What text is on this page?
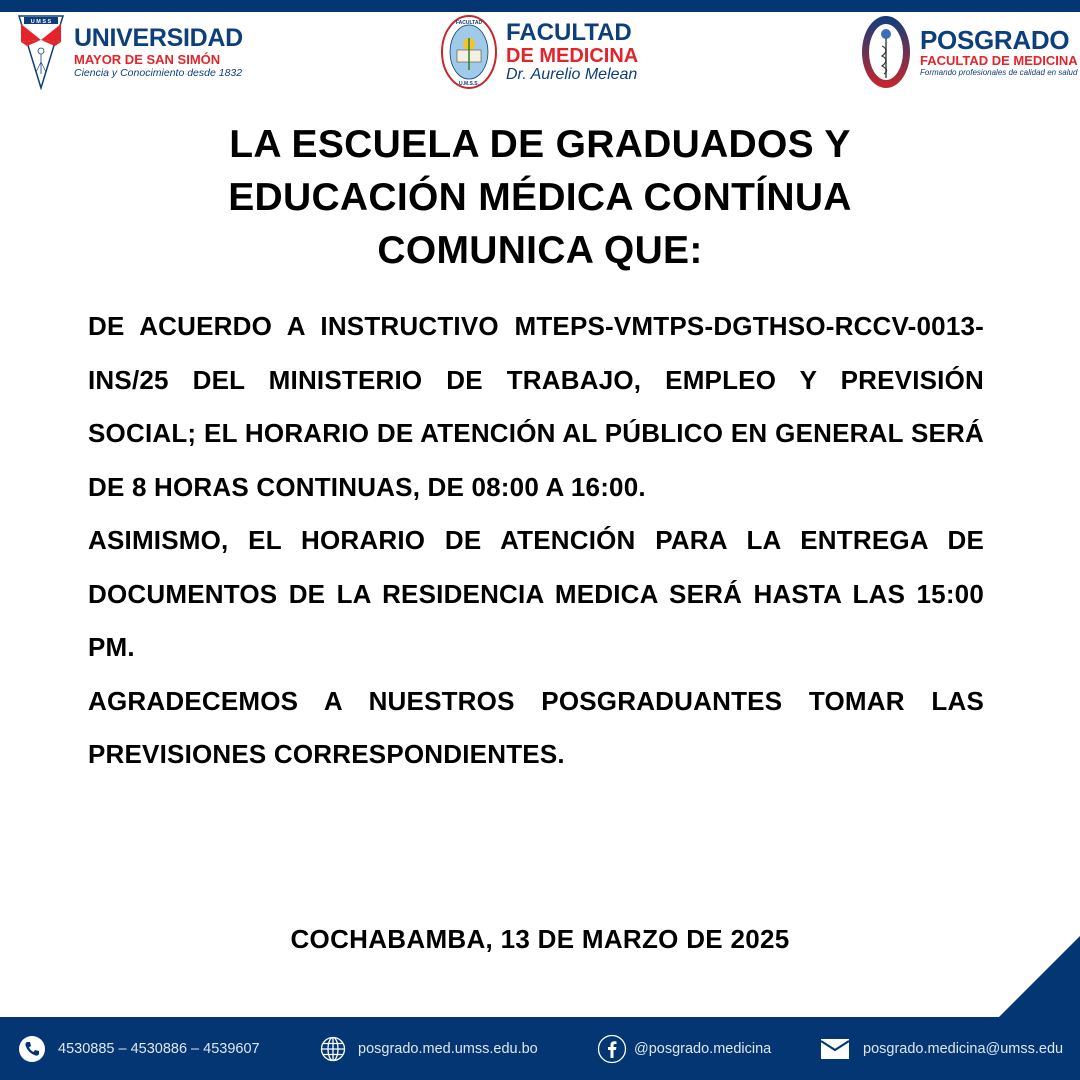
U M S S
UNIVERSIDAD
MAYOR DE SAN SIMÓN
Ciencia y Conocimiento desde 1832
FACULTAD
U.M.S.S.
FACULTAD
DE MEDICINA
Dr. Aurelio Melean
POSGRADO
FACULTAD DE MEDICINA
Formando profesionales de calidad en salud
LA ESCUELA DE GRADUADOS Y
EDUCACIÓN MÉDICA CONTÍNUA
COMUNICA QUE:

DE ACUERDO A INSTRUCTIVO MTEPS-VMTPS-DGTHSO-RCCV-0013-INS/25 DEL MINISTERIO DE TRABAJO, EMPLEO Y PREVISIÓN SOCIAL; EL HORARIO DE ATENCIÓN AL PÚBLICO EN GENERAL SERÁ DE 8 HORAS CONTINUAS, DE 08:00 A 16:00.

ASIMISMO, EL HORARIO DE ATENCIÓN PARA LA ENTREGA DE DOCUMENTOS DE LA RESIDENCIA MEDICA SERÁ HASTA LAS 15:00 PM.

AGRADECEMOS A NUESTROS POSGRADUANTES TOMAR LAS PREVISIONES CORRESPONDIENTES.

COCHABAMBA, 13 DE MARZO DE 2025
4530885 – 4530886 – 4539607	posgrado.med.umss.edu.bo	@posgrado.medicina	posgrado.medicina@umss.edu
